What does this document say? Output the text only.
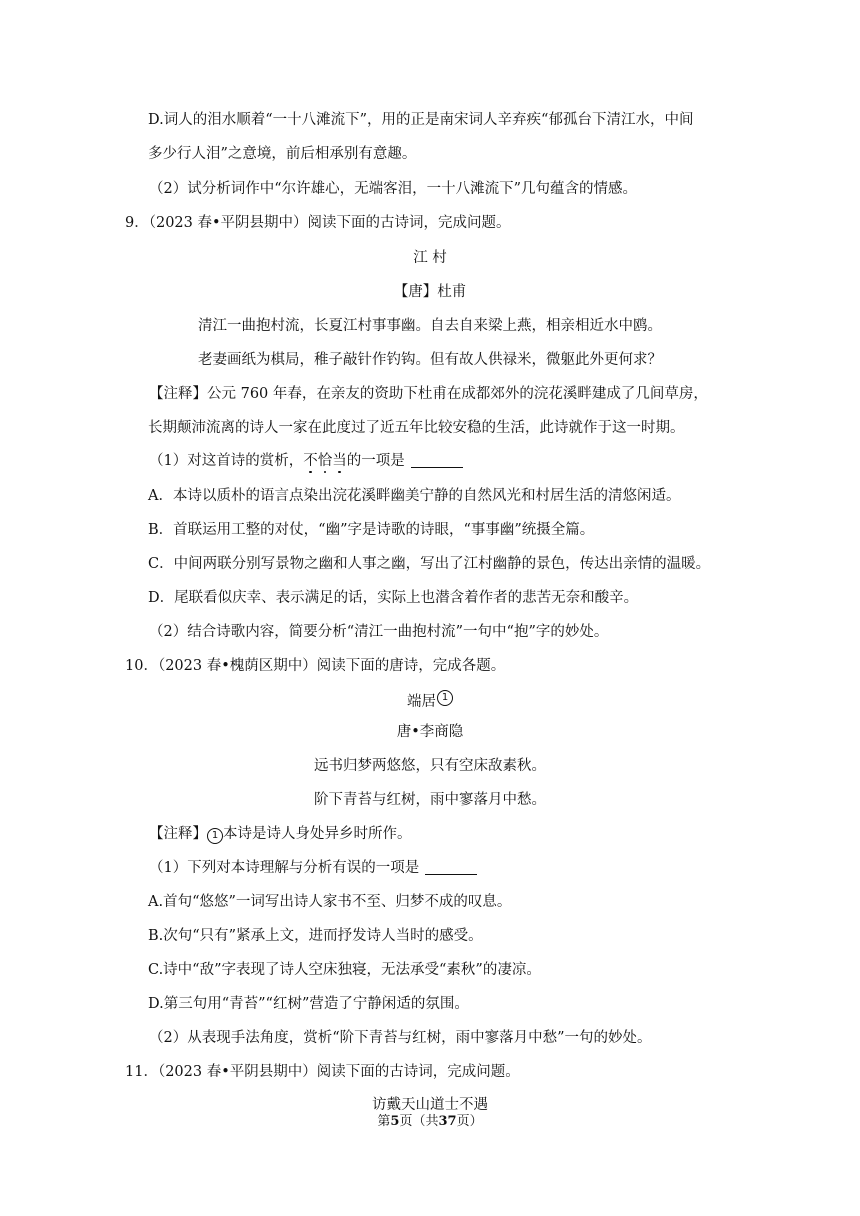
D.词人的泪水顺着“一十八滩流下”，用的正是南宋词人辛弃疾“郁孤台下清江水，中间
多少行人泪”之意境，前后相承别有意趣。
（2）试分析词作中“尔许雄心，无端客泪，一十八滩流下”几句蕴含的情感。
9．（2023 春•平阴县期中）阅读下面的古诗词，完成问题。
江 村
【唐】杜甫
清江一曲抱村流，长夏江村事事幽。自去自来梁上燕，相亲相近水中鸥。
老妻画纸为棋局，稚子敲针作钓钩。但有故人供禄米，微躯此外更何求？
【注释】公元 760 年春，在亲友的资助下杜甫在成都郊外的浣花溪畔建成了几间草房，
长期颠沛流离的诗人一家在此度过了近五年比较安稳的生活，此诗就作于这一时期。
（1）对这首诗的赏析，不恰当的一项是
A．本诗以质朴的语言点染出浣花溪畔幽美宁静的自然风光和村居生活的清悠闲适。
B．首联运用工整的对仗，“幽”字是诗歌的诗眼，“事事幽”统摄全篇。
C．中间两联分别写景物之幽和人事之幽，写出了江村幽静的景色，传达出亲情的温暖。
D．尾联看似庆幸、表示满足的话，实际上也潜含着作者的悲苦无奈和酸辛。
（2）结合诗歌内容，简要分析“清江一曲抱村流”一句中“抱”字的妙处。
10．（2023 春•槐荫区期中）阅读下面的唐诗，完成各题。
端居 1
唐•李商隐
远书归梦两悠悠，只有空床敌素秋。
阶下青苔与红树，雨中寥落月中愁。
【注释】 1 本诗是诗人身处异乡时所作。
（1）下列对本诗理解与分析有误的一项是
A.首句“悠悠”一词写出诗人家书不至、归梦不成的叹息。
B.次句“只有”紧承上文，进而抒发诗人当时的感受。
C.诗中“敌”字表现了诗人空床独寝，无法承受“素秋”的凄凉。
D.第三句用“青苔”“红树”营造了宁静闲适的氛围。
（2）从表现手法角度，赏析“阶下青苔与红树，雨中寥落月中愁”一句的妙处。
11．（2023 春•平阴县期中）阅读下面的古诗词，完成问题。
访戴天山道士不遇
第5页（共37页）
